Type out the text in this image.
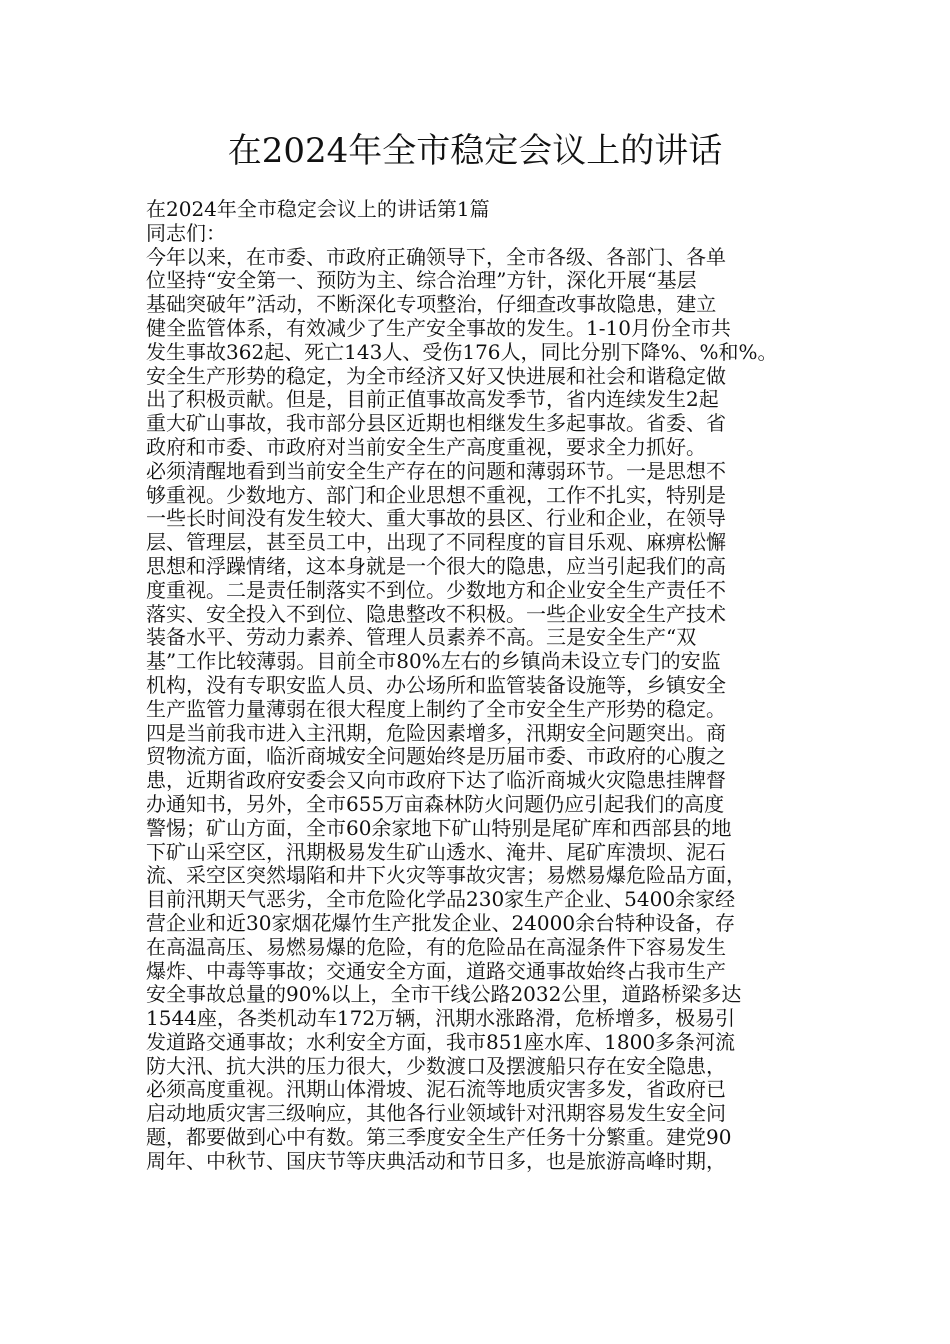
在2024年全市稳定会议上的讲话
在2024年全市稳定会议上的讲话第1篇
同志们：
今年以来，在市委、市政府正确领导下，全市各级、各部门、各单
位坚持“安全第一、预防为主、综合治理”方针，深化开展“基层
基础突破年”活动，不断深化专项整治，仔细查改事故隐患，建立
健全监管体系，有效减少了生产安全事故的发生。1-10月份全市共
发生事故362起、死亡143人、受伤176人，同比分别下降%、%和%。
安全生产形势的稳定，为全市经济又好又快进展和社会和谐稳定做
出了积极贡献。但是，目前正值事故高发季节，省内连续发生2起
重大矿山事故，我市部分县区近期也相继发生多起事故。省委、省
政府和市委、市政府对当前安全生产高度重视，要求全力抓好。
必须清醒地看到当前安全生产存在的问题和薄弱环节。一是思想不
够重视。少数地方、部门和企业思想不重视，工作不扎实，特别是
一些长时间没有发生较大、重大事故的县区、行业和企业，在领导
层、管理层，甚至员工中，出现了不同程度的盲目乐观、麻痹松懈
思想和浮躁情绪，这本身就是一个很大的隐患，应当引起我们的高
度重视。二是责任制落实不到位。少数地方和企业安全生产责任不
落实、安全投入不到位、隐患整改不积极。一些企业安全生产技术
装备水平、劳动力素养、管理人员素养不高。三是安全生产“双
基”工作比较薄弱。目前全市80%左右的乡镇尚未设立专门的安监
机构，没有专职安监人员、办公场所和监管装备设施等，乡镇安全
生产监管力量薄弱在很大程度上制约了全市安全生产形势的稳定。
四是当前我市进入主汛期，危险因素增多，汛期安全问题突出。商
贸物流方面，临沂商城安全问题始终是历届市委、市政府的心腹之
患，近期省政府安委会又向市政府下达了临沂商城火灾隐患挂牌督
办通知书，另外，全市655万亩森林防火问题仍应引起我们的高度
警惕；矿山方面，全市60余家地下矿山特别是尾矿库和西部县的地
下矿山采空区，汛期极易发生矿山透水、淹井、尾矿库溃坝、泥石
流、采空区突然塌陷和井下火灾等事故灾害；易燃易爆危险品方面，
目前汛期天气恶劣，全市危险化学品230家生产企业、5400余家经
营企业和近30家烟花爆竹生产批发企业、24000余台特种设备，存
在高温高压、易燃易爆的危险，有的危险品在高湿条件下容易发生
爆炸、中毒等事故；交通安全方面，道路交通事故始终占我市生产
安全事故总量的90%以上，全市干线公路2032公里，道路桥梁多达
1544座，各类机动车172万辆，汛期水涨路滑，危桥增多，极易引
发道路交通事故；水利安全方面，我市851座水库、1800多条河流
防大汛、抗大洪的压力很大，少数渡口及摆渡船只存在安全隐患，
必须高度重视。汛期山体滑坡、泥石流等地质灾害多发，省政府已
启动地质灾害三级响应，其他各行业领域针对汛期容易发生安全问
题，都要做到心中有数。第三季度安全生产任务十分繁重。建党90
周年、中秋节、国庆节等庆典活动和节日多，也是旅游高峰时期，
